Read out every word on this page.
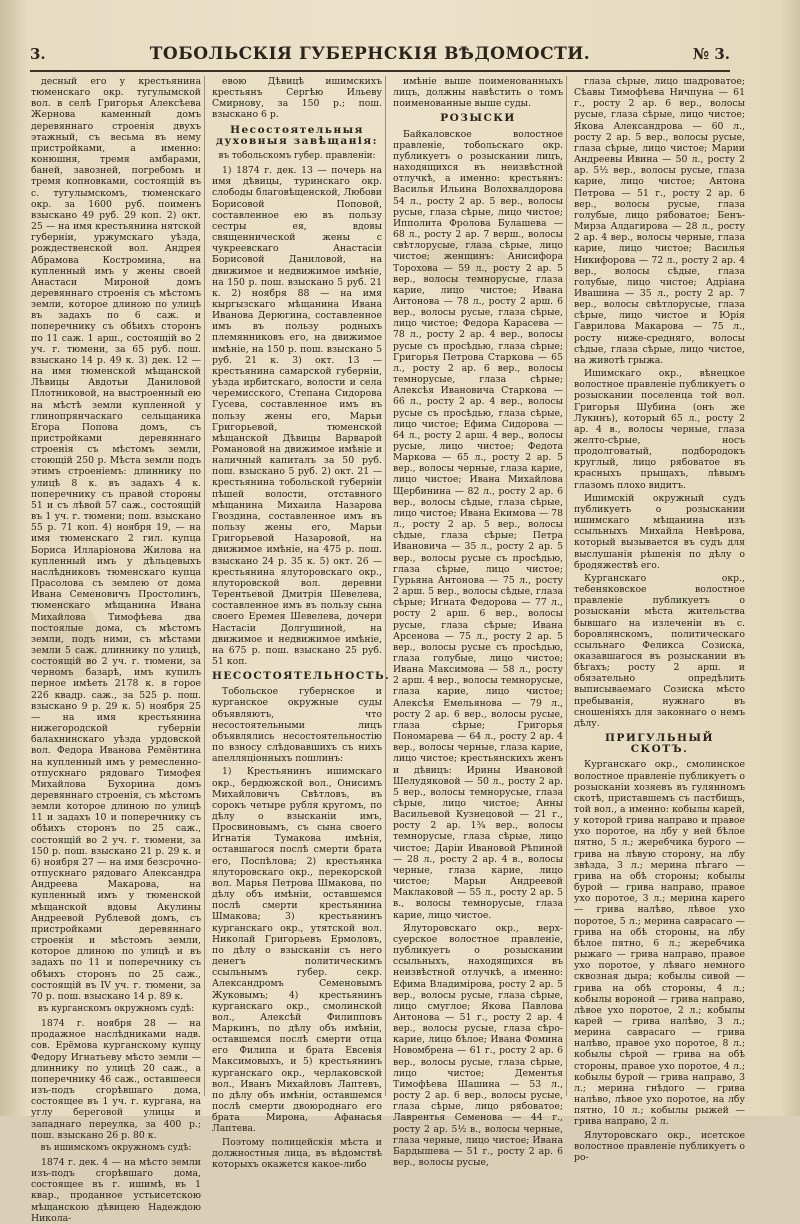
3.	ТОБОЛЬСКIЯ ГУБЕРНСКIЯ ВѢДОМОСТИ.	№ 3.

десный его у крестьянина тюменскаго окр. тугулымской вол. в селѣ Григорья Алексѣева Жернова каменный домъ деревяннаго строенія двухъ этажный, съ весьма въ нему пристройками, а именно: конюшня, тремя амбарами, баней, завозней, погребомъ и тремя копновками, состоящій въ с. тугулымскомъ, тюменскаго окр. за 1600 руб. поименъ взыскано 49 руб. 29 коп. 2) окт. 25 — на имя крестьянина нятской губерніи, уржумскаго уѣзда, рождественской вол. Андрея Абрамова Костромина, на купленный имъ у жены своей Анастаси Мироной домъ деревяннаго строенія съ мѣстомъ земли, которое длиною по улицѣ въ задахъ по 6 саж. и поперечнику съ обѣихъ сторонъ по 11 саж. 1 арш., состоящій во 2 уч. г. тюмени, за 65 руб. пош. взыскано 14 р. 49 к. 3) дек. 12 — на имя тюменской мѣщанской Лѣвицы Авдотьи Даниловой Плотниковой, на выстроенный ею на мѣстѣ земли купленной у глинопрянчаскаго сельщаника Егора Попова домъ, съ пристройками деревяннаго строенія съ мѣстомъ земли, стоющій 250 р. Мѣста земли подъ этимъ строеніемъ: длиннику по улицѣ 8 к. въ задахъ 4 к. поперечнику съ правой стороны 51 и съ лѣвой 57 саж., состоящій въ 1 уч. г. тюмени; пош. взыскано 55 р. 71 коп. 4) ноября 19, — на имя тюменскаго 2 гил. купца Бориса Илларіонова Жилова на купленный имъ у дѣльцевыхъ наслѣдниковъ тюменскаго купца Прасолова съ землею от дома Ивана Семеновичъ Простолинъ, тюменскаго мѣщанина Ивана Михайлова Тимофѣева два постоялые дома, съ мѣстомъ земли, подъ ними, съ мѣстами земли 5 саж. длиннику по улицѣ, состоящій во 2 уч. г. тюмени, за черномъ базарѣ, имъ купилъ перное имѣеть 2178 к. в горое 226 квадр. саж., за 525 р. пош. взыскано 9 р. 29 к. 5) ноября 25 — на имя крестьянина нижегородской губерніи балахнинскаго уѣзда урдовской вол. Федора Иванова Ремёнтина на купленный имъ у ремесленно-отпускнаго рядоваго Тимофея Михайлова Бухорина домъ деревяннаго строенія, съ мѣстомъ земли которое длиною по улицѣ 11 и задахъ 10 и поперечнику съ обѣихъ сторонъ по 25 саж., состоящій во 2 уч. г. тюмени, за 150 р. пош. взыскано 21 р. 29 к. и 6) ноября 27 — на имя безсрочно-отпускнаго рядоваго Александра Андреева Макарова, на купленный имъ у тюменской мѣщанской вдовы Акулины Андреевой Рублевой домъ, съ пристройками деревяннаго строенія и мѣстомъ земли, которое длиною по улицѣ и въ задахъ по 11 и поперечнику съ обѣихъ сторонъ по 25 саж., состоящій въ IV уч. г. тюмени, за 70 р. пош. взыскано 14 р. 89 к.

въ курганскомъ окружномъ судѣ:

1874 г. ноября 28 — на продажное наслѣдниками надв. сов. Ерёмова курганскому купцу Федору Игнатьеву мѣсто земли — длиннику по улицѣ 20 саж., а поперечнику 46 саж., оставшееся изъ-подъ сгорѣвшаго дома, состоящее въ 1 уч. г. кургана, на углу береговой улицы и западнаго переулка, за 400 р.; пош. взыскано 26 р. 80 к.

въ ишимскомъ окружномъ судѣ:

1874 г. дек. 4 — на мѣсто земли изъ-подъ сгорѣвшаго дома, состоящее въ г. ишимѣ, въ 1 квар., проданное устьисетскою мѣщанскою дѣвицею Надеждою Никола-

евою Дѣвицѣ ишимскихъ крестьянъ Сергѣю Ильеву Смирнову, за 150 р.; пош. взыскано 6 р.

Несостоятельныя духовныя завѣщанія:

въ тобольскомъ губер. правленіи:

1) 1874 г. дек. 13 — почерь на имя дѣвицы, туринскаго окр. слободы благовѣщенской, Любови Борисовой Поповой, составленное ею въ пользу сестры ея, вдовы священнической жены с чукреевскаго Анастасіи Борисовой Даниловой, на движимое и недвижимое имѣніе, на 150 р. пош. взыскано 5 руб. 21 к. 2) ноября 88 — на имя кыргызскаго мѣщанина Ивана Иванова Дерюгина, составленное имъ въ пользу родныхъ племянниковъ его, на движимое имѣніе, на 150 р. пош. взыскано 5 руб. 21 к. 3) окт. 13 — крестьянина самарской губерніи, уѣзда ирбитскаго, волости и села черемисского, Степана Сидорова Гусева, составленное имъ въ пользу жены его, Марьи Григорьевой, тюменской мѣщанской Дѣвицы Варварой Романовой на движимое имѣніе и наличный капиталъ за 50 руб. пош. взыскано 5 руб. 2) окт. 21 — крестьянина тобольской губерніи пѣшей волости, отставного мѣщанина Михаила Назарова Гвоздина, составленное имъ въ пользу жены его, Марьи Григорьевой Назаровой, на движимое имѣніе, на 475 р. пош. взыскано 24 р. 35 к. 5) окт. 26 — крестьянина ялуторовскаго окр., ялуторовской вол. деревни Терентьевой Дмитрія Шевелева, составленное имъ въ пользу сына своего Еремея Шевелева, дочери Настасіи Долгушиной, на движимое и недвижимое имѣніе, на 675 р. пош. взыскано 25 руб. 51 коп.

НЕСОСТОЯТЕЛЬНОСТЬ.

Тобольское губернское и курганское окружные суды объявляютъ, что несостоятельными лицъ объявлялись несостоятельностію по взносу слѣдовавшихъ съ нихъ апелляціонныхъ пошлинъ:

1) Крестьянинъ ишимскаго окр., бердюжской вол., Онисимъ Михайловичъ Свѣтловъ, въ сорокъ четыре рубля кругомъ, по дѣлу о взысканіи имъ, Просвиновымъ, съ сына своего Игнатія Тумакова имѣнія, оставшагося послѣ смерти брата его, Поспѣлова; 2) крестьянка ялуторовскаго окр., перекорской вол. Марья Петрова Шмакова, по дѣлу объ имѣніи, оставшемся послѣ смерти крестьянина Шмакова; 3) крестьянинъ курганскаго окр., утятской вол. Николай Григорьевъ Ермоловъ, по дѣлу о взысканіи съ него денегъ политическимъ ссыльнымъ губер. секр. Александромъ Семеновымъ Жуковымъ; 4) крестьянинъ курганскаго окр., смолинской вол., Алексѣй Филипповъ Маркинъ, по дѣлу объ имѣніи, оставшемся послѣ смерти отца его Филипа и брата Евсевія Максимовыхъ, и 5) крестьянинъ курганскаго окр., черлаковской вол., Иванъ Михайловъ Лаптевъ, по дѣлу объ имѣніи, оставшемся послѣ смерти двоюроднаго его брата Мирона, Афанасья Лаптева.

Поэтому полицейскія мѣста и должностныя лица, въ вѣдомствѣ которыхъ окажется какое-либо

имѣніе выше поименованныхъ лицъ, должны навѣстить о томъ поименованные выше суды.

РОЗЫСКИ

Байкаловское волостное правленіе, тобольскаго окр. публикуетъ о розыскании лицъ, находящихся въ неизвѣстной отлучкѣ, а именно: крестьянъ: Василья Ильина Волохвалдорова 54 л., росту 2 ар. 5 вер., волосы русые, глаза сѣрые, лицо чистое; Ипполита Фролова Булашева — 68 л., росту 2 ар. 7 верш., волосы свѣтлорусые, глаза сѣрые, лицо чистое; женщинъ: Анисифора Торохова — 59 л., росту 2 ар. 5 вер., волосы темнорусые, глаза карие, лицо чистое; Ивана Антонова — 78 л., росту 2 арш. 6 вер., волосы русые, глаза сѣрые, лицо чистое; Федора Карасева — 78 л., росту 2 ар. 4 вер., волосы русые съ просѣдью, глаза сѣрые; Григорья Петрова Старкова — 65 л., росту 2 ар. 6 вер., волосы темнорусые, глаза сѣрые; Алексѣя Ивановича Старкова — 66 л., росту 2 ар. 4 вер., волосы русые съ просѣдью, глаза сѣрые, лицо чистое; Ефима Сидорова — 64 л., росту 2 арш. 4 вер., волосы русые, лицо чистое; Федота Маркова — 65 л., росту 2 ар. 5 вер., волосы черные, глаза карие, лицо чистое; Ивана Михайлова Щербинина — 82 л., росту 2 ар. 6 вер., волосы сѣдые, глаза сѣрые, лицо чистое; Ивана Екимова — 78 л., росту 2 ар. 5 вер., волосы сѣдые, глаза сѣрые; Петра Ивановича — 35 л., росту 2 ар. 5 вер., волосы русые съ просѣдью, глаза сѣрые, лицо чистое; Гурьяна Антонова — 75 л., росту 2 арш. 5 вер., волосы сѣдые, глаза сѣрые; Игната Федорова — 77 л., росту 2 арш. 6 вер., волосы русые, глаза сѣрые; Ивана Арсенова — 75 л., росту 2 ар. 5 вер., волосы русые съ просѣдью, глаза голубые, лицо чистое; Ивана Максимова — 58 л., росту 2 арш. 4 вер., волосы темнорусые, глаза карие, лицо чистое; Алексѣя Емельянова — 79 л., росту 2 ар. 6 вер., волосы русые, глаза сѣрые; Григорья Пономарева — 64 л., росту 2 ар. 4 вер., волосы черные, глаза карие, лицо чистое; крестьянскихъ женъ и дѣвицъ: Ирины Ивановой Шелудяковой — 50 л., росту 2 ар. 5 вер., волосы темнорусые, глаза сѣрые, лицо чистое; Анны Васильевой Кузнецовой — 21 г., росту 2 ар. 1¾ вер., волосы темнорусые, глаза сѣрые, лицо чистое; Даріи Ивановой Рѣпиной — 28 л., росту 2 ар. 4 в., волосы черные, глаза карие, лицо чистое; Марьи Андреевой Маклаковой — 55 л., росту 2 ар. 5 в., волосы темнорусые, глаза карие, лицо чистое.

Ялуторовскаго окр., верх-суерское волостное правленіе, публикуетъ о розыскании ссыльныхъ, находящихся въ неизвѣстной отлучкѣ, а именно: Ефима Владимірова, росту 2 ар. 5 вер., волосы русые, глаза сѣрые, лицо смуглое; Якова Павлова Антонова — 51 г., росту 2 ар. 4 вер., волосы русые, глаза сѣро-карие, лицо бѣлое; Ивана Фомина Новомбрена — 61 г., росту 2 ар. 6 вер., волосы русые, глаза сѣрые, лицо чистое; Дементья Тимофѣева Шашина — 53 л., росту 2 ар. 6 вер., волосы русые, глаза сѣрые, лицо рябоватое; Лаврентья Семенова — 44 г., росту 2 ар. 5½ в., волосы черные, глаза черные, лицо чистое; Ивана Бардышева — 51 г., росту 2 ар. 6 вер., волосы русые,

глаза сѣрые, лицо шадроватое; Сѣавы Тимофѣева Ничпуна — 61 г., росту 2 ар. 6 вер., волосы русые, глаза сѣрые, лицо чистое; Якова Александрова — 60 л., росту 2 ар. 5 вер., волосы русые, глаза сѣрые, лицо чистое; Марии Андреевы Ивина — 50 л., росту 2 ар. 5½ вер., волосы русые, глаза карие, лицо чистое; Антона Петрова — 51 г., росту 2 ар. 6 вер., волосы русые, глаза голубые, лицо рябоватое; Бенъ-Мирза Алдагирова — 28 л., росту 2 ар. 4 вер., волосы черные, глаза карие, лицо чистое; Василья Никифорова — 72 л., росту 2 ар. 4 вер., волосы сѣдые, глаза голубые, лицо чистое; Адріана Ивашина — 35 л., росту 2 ар. 7 вер., волосы свѣтлорусые, глаза сѣрые, лицо чистое и Юрія Гаврилова Макарова — 75 л., росту ниже-средняго, волосы сѣдые, глаза сѣрые, лицо чистое, на животѣ грыжа.

Ишимскаго окр., вѣнецкое волостное правленіе публикуетъ о розыскании поселенца той вол. Григорья Шубина (онъ же Лукинъ), который 65 л., росту 2 ар. 4 в., волосы черные, глаза желто-сѣрые, носъ продолговатый, подбородокъ круглый, лицо рябоватое въ красныхъ прыщахъ, лѣвымъ глазомъ плохо видитъ.

Ишимскій окружный судъ публикуетъ о розыскании ишимскаго мѣщанина изъ ссыльныхъ Михайла Невѣрова, который вызывается въ судъ для выслушанія рѣшенія по дѣлу о бродяжествѣ его.

Курганскаго окр., тебеняковское волостное правленіе публикуетъ о розысканіи мѣста жительства бывшаго на излеченіи въ с. боровлянскомъ, политическаго ссыльнаго Феликса Созиска, оказавшагося въ розыскании въ бѣгахъ; росту 2 арш. и обязательно опредѣлить выписываемаго Созиска мѣсто пребыванія, нужнаго въ сношеніяхъ для законнаго о немъ дѣлу.

ПРИГУЛЬНЫЙ СКОТЪ.

Курганскаго окр., смолинское волостное правленіе публикуетъ о розысканіи хозяевъ въ гулянномъ скотѣ, приставшемъ съ пастбищъ, той вол., а именно: кобылы карей, у которой грива направо и правое ухо поротое, на лбу у ней бѣлое пятно, 5 л.; жеребчика бурого — грива на лѣвую сторону, на лбу звѣзда, 3 л.; мерина пѣгаго — грива на обѣ стороны; кобылы бурой — грива направо, правое ухо поротое, 3 л.; мерина карего — грива налѣво, лѣвое ухо поротое, 5 л.; мерина саврасаго — грива на обѣ стороны, на лбу бѣлое пятно, 6 л.; жеребчика рыжаго — грива направо, правое ухо поротое, у лѣваго немного сквозная дыра; кобылы сивой — грива на обѣ стороны, 4 л.; кобылы вороной — грива направо, лѣвое ухо поротое, 2 л.; кобылы карей — грива налѣво, 3 л.; мерина саврасаго — грива налѣво, правое ухо поротое, 8 л.; кобылы сѣрой — грива на обѣ стороны, правое ухо поротое, 4 л.; кобылы бурой — грива направо, 3 л.; мерина гнѣдого — грива налѣво, лѣвое ухо поротое, на лбу пятно, 10 л.; кобылы рыжей — грива направо, 2 л.

Ялуторовскаго окр., исетское волостное правленіе публикуетъ о ро-
